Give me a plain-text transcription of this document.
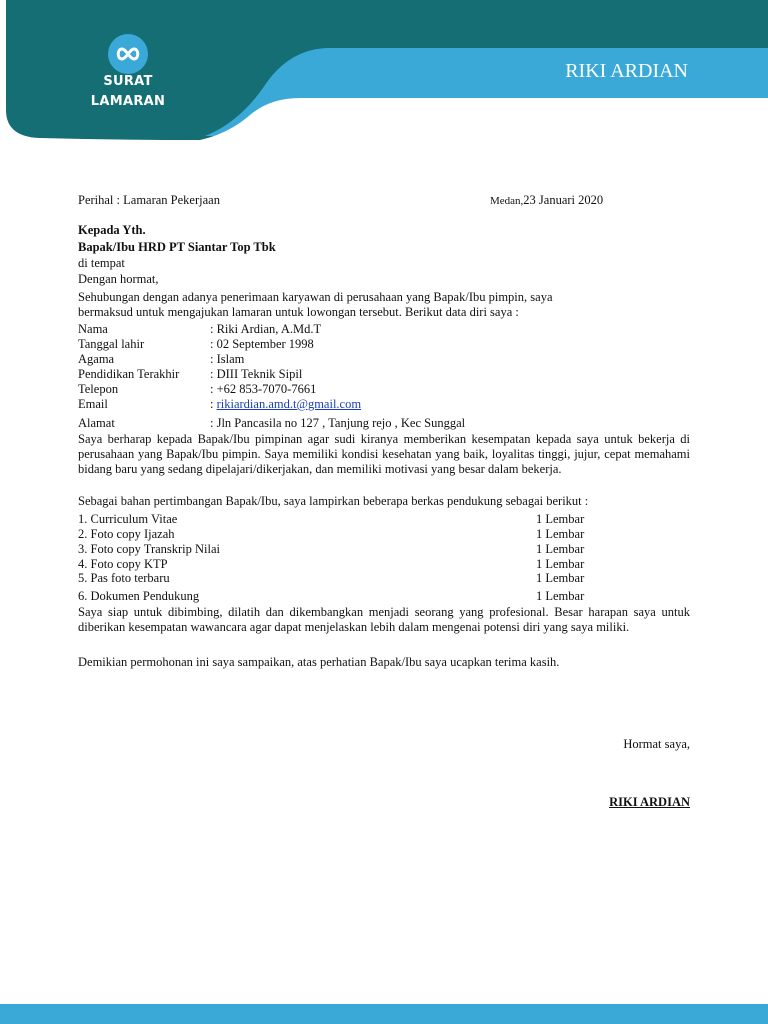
SURAT
LAMARAN
RIKI ARDIAN
Perihal : Lamaran Pekerjaan	Medan,23 Januari 2020
Kepada Yth.
Bapak/Ibu HRD PT Siantar Top Tbk
di tempat
Dengan hormat,
Sehubungan dengan adanya penerimaan karyawan di perusahaan yang Bapak/Ibu pimpin, saya
bermaksud untuk mengajukan lamaran untuk lowongan tersebut. Berikut data diri saya :
Nama	: Riki Ardian, A.Md.T
Tanggal lahir	: 02 September 1998
Agama	: Islam
Pendidikan Terakhir : DIII Teknik Sipil
Telepon	: +62 853-7070-7661
Email	: rikiardian.amd.t@gmail.com
Alamat	: Jln Pancasila no 127 , Tanjung rejo , Kec Sunggal
Saya berharap kepada Bapak/Ibu pimpinan agar sudi kiranya memberikan kesempatan kepada saya untuk bekerja di perusahaan yang Bapak/Ibu pimpin. Saya memiliki kondisi kesehatan yang baik, loyalitas tinggi, jujur, cepat memahami bidang baru yang sedang dipelajari/dikerjakan, dan memiliki motivasi yang besar dalam bekerja.
Sebagai bahan pertimbangan Bapak/Ibu, saya lampirkan beberapa berkas pendukung sebagai berikut :
1. Curriculum Vitae	1 Lembar
2. Foto copy Ijazah	1 Lembar
3. Foto copy Transkrip Nilai	1 Lembar
4. Foto copy KTP	1 Lembar
5. Pas foto terbaru	1 Lembar
6. Dokumen Pendukung	1 Lembar
Saya siap untuk dibimbing, dilatih dan dikembangkan menjadi seorang yang profesional. Besar harapan saya untuk diberikan kesempatan wawancara agar dapat menjelaskan lebih dalam mengenai potensi diri yang saya miliki.
Demikian permohonan ini saya sampaikan, atas perhatian Bapak/Ibu saya ucapkan terima kasih.
Hormat saya,
RIKI ARDIAN
